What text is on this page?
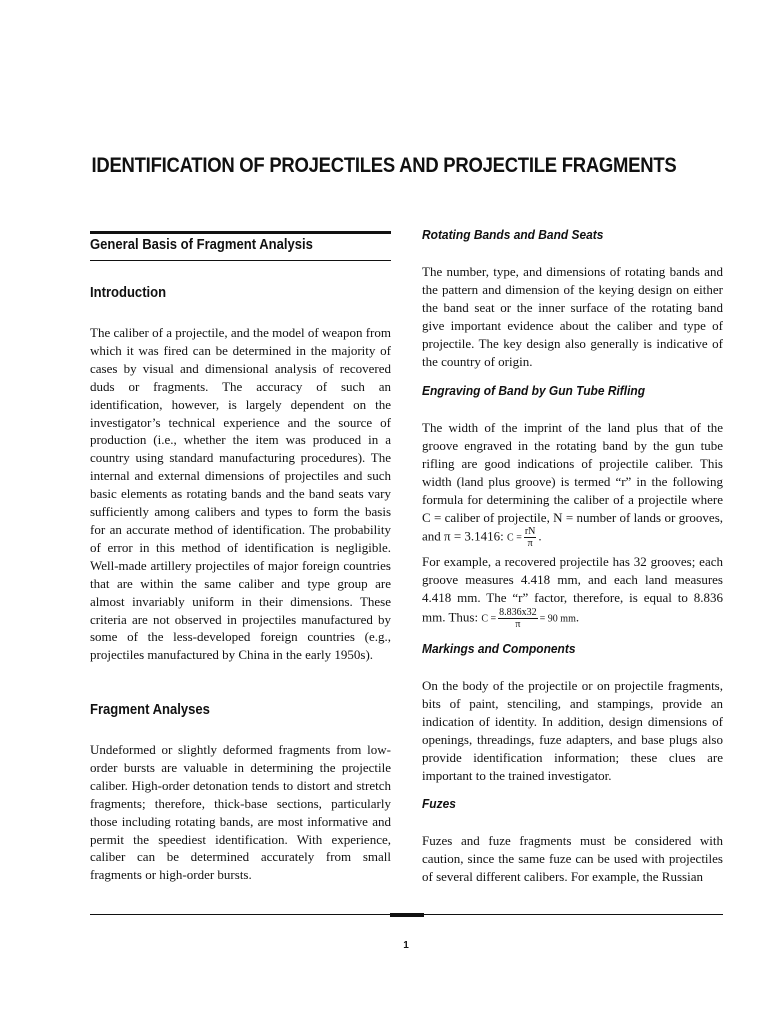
IDENTIFICATION OF PROJECTILES AND PROJECTILE FRAGMENTS
General Basis of Fragment Analysis
Introduction

The caliber of a projectile, and the model of weapon from which it was fired can be determined in the majority of cases by visual and dimensional analysis of recovered duds or fragments. The accuracy of such an identification, however, is largely dependent on the investigator’s technical experience and the source of production (i.e., whether the item was produced in a country using standard manufacturing procedures). The internal and external dimensions of projectiles and such basic elements as rotating bands and the band seats vary sufficiently among calibers and types to form the basis for an accurate method of identification. The probability of error in this method of identification is negligible. Well-made artillery projectiles of major foreign countries that are within the same caliber and type group are almost invariably uniform in their dimensions. These criteria are not observed in projectiles manufactured by some of the less-developed foreign countries (e.g., projectiles manufactured by China in the early 1950s).

Fragment Analyses

Undeformed or slightly deformed fragments from low-order bursts are valuable in determining the projectile caliber. High-order detonation tends to distort and stretch fragments; therefore, thick-base sections, particularly those including rotating bands, are most informative and permit the speediest identification. With experience, caliber can be determined accurately from small fragments or high-order bursts.

Rotating Bands and Band Seats

The number, type, and dimensions of rotating bands and the pattern and dimension of the keying design on either the band seat or the inner surface of the rotating band give important evidence about the caliber and type of projectile. The key design also generally is indicative of the country of origin.

Engraving of Band by Gun Tube Rifling

The width of the imprint of the land plus that of the groove engraved in the rotating band by the gun tube rifling are good indications of projectile caliber. This width (land plus groove) is termed “r” in the following formula for determining the caliber of a projectile where C = caliber of projectile, N = number of lands or grooves, and π = 3.1416: $C = \frac{rN}{\pi}$ .

For example, a recovered projectile has 32 grooves; each groove measures 4.418 mm, and each land measures 4.418 mm. The “r” factor, therefore, is equal to 8.836 mm. Thus: $C = \frac{8.836x32}{\pi} = 90$ mm.

Markings and Components

On the body of the projectile or on projectile fragments, bits of paint, stenciling, and stampings, provide an indication of identity. In addition, design dimensions of openings, threadings, fuze adapters, and base plugs also provide identification information; these clues are important to the trained investigator.

Fuzes

Fuzes and fuze fragments must be considered with caution, since the same fuze can be used with projectiles of several different calibers. For example, the Russian

1
